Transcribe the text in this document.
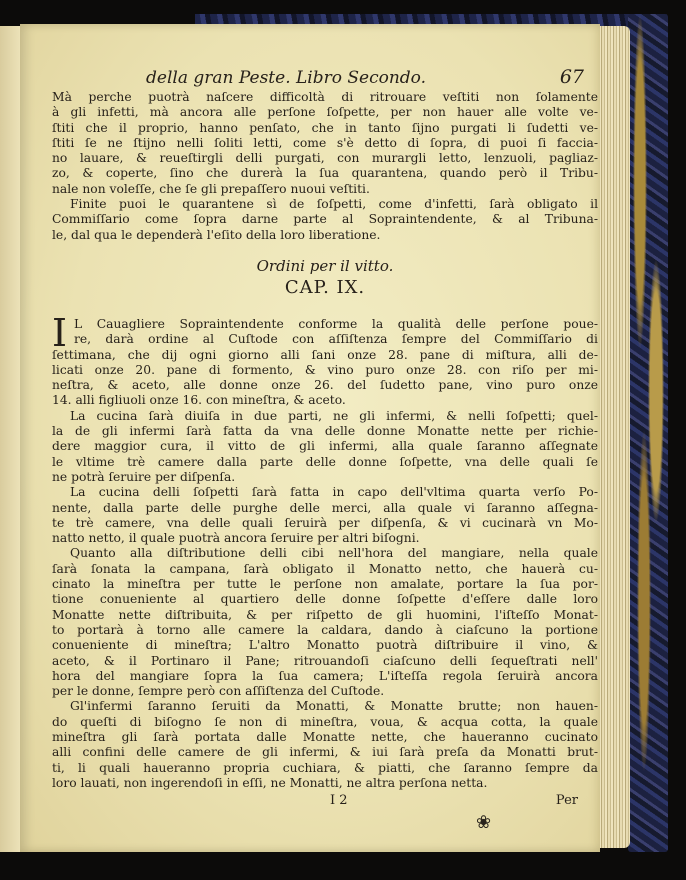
della gran Peste. Libro Secondo.	67

Mà perche puotrà naſcere difficoltà di ritrouare veſtiti non ſolamente
à gli infetti, mà ancora alle perſone ſoſpette, per non hauer alle volte ve-
ſtiti che il proprio, hanno penſato, che in tanto ſijno purgati li ſudetti ve-
ſtiti ſe ne ſtijno nelli ſoliti letti, come s'è detto di ſopra, di puoi ſi faccia-
no lauare, & reueſtirgli delli purgati, con murargli letto, lenzuoli, pagliaz-
zo, & coperte, ſino che durerà la ſua quarantena, quando però il Tribu-
nale non voleſſe, che ſe gli prepaſſero nuoui veſtiti.

Finite puoi le quarantene sì de ſoſpetti, come d'infetti, ſarà obligato il
Commiſſario come ſopra darne parte al Sopraintendente, & al Tribuna-
le, dal qua le dependerà l'eſito della loro liberatione.

Ordini per il vitto.
CAP. IX.

I L Cauagliere Sopraintendente conforme la qualità delle perſone poue-
re, darà ordine al Cuſtode con aſſiſtenza ſempre del Commiſſario di
ſettimana, che dij ogni giorno alli ſani onze 28. pane di miſtura, alli de-
licati onze 20. pane di formento, & vino puro onze 28. con riſo per mi-
neſtra, & aceto, alle donne onze 26. del ſudetto pane, vino puro onze
14. alli figliuoli onze 16. con mineſtra, & aceto.

La cucina ſarà diuiſa in due parti, ne gli infermi, & nelli ſoſpetti; quel-
la de gli infermi ſarà fatta da vna delle donne Monatte nette per richie-
dere maggior cura, il vitto de gli infermi, alla quale ſaranno aſſegnate
le vltime trè camere dalla parte delle donne ſoſpette, vna delle quali ſe
ne potrà ſeruire per diſpenſa.

La cucina delli ſoſpetti ſarà fatta in capo dell'vltima quarta verſo Po-
nente, dalla parte delle purghe delle merci, alla quale vi ſaranno aſſegna-
te trè camere, vna delle quali ſeruirà per diſpenſa, & vi cucinarà vn Mo-
natto netto, il quale puotrà ancora ſeruire per altri biſogni.

Quanto alla diſtributione delli cibi nell'hora del mangiare, nella quale
ſarà ſonata la campana, ſarà obligato il Monatto netto, che hauerà cu-
cinato la mineſtra per tutte le perſone non amalate, portare la ſua por-
tione conueniente al quartiero delle donne ſoſpette d'eſſere dalle loro
Monatte nette diſtribuita, & per riſpetto de gli huomini, l'iſteſſo Monat-
to portarà à torno alle camere la caldara, dando à ciaſcuno la portione
conueniente di mineſtra; L'altro Monatto puotrà diſtribuire il vino, &
aceto, & il Portinaro il Pane; ritrouandoſi ciaſcuno delli ſequeſtrati nell'
hora del mangiare ſopra la ſua camera; L'iſteſſa regola ſeruirà ancora
per le donne, ſempre però con aſſiſtenza del Cuſtode.

Gl'infermi ſaranno ſeruiti da Monatti, & Monatte brutte; non hauen-
do queſti di biſogno ſe non di mineſtra, voua, & acqua cotta, la quale
mineſtra gli ſarà portata dalle Monatte nette, che haueranno cucinato
alli confini delle camere de gli infermi, & iui ſarà preſa da Monatti brut-
ti, li quali haueranno propria cuchiara, & piatti, che ſaranno ſempre da
loro lauati, non ingerendoſi in eſſi, ne Monatti, ne altra perſona netta.

I 2	Per
❀
